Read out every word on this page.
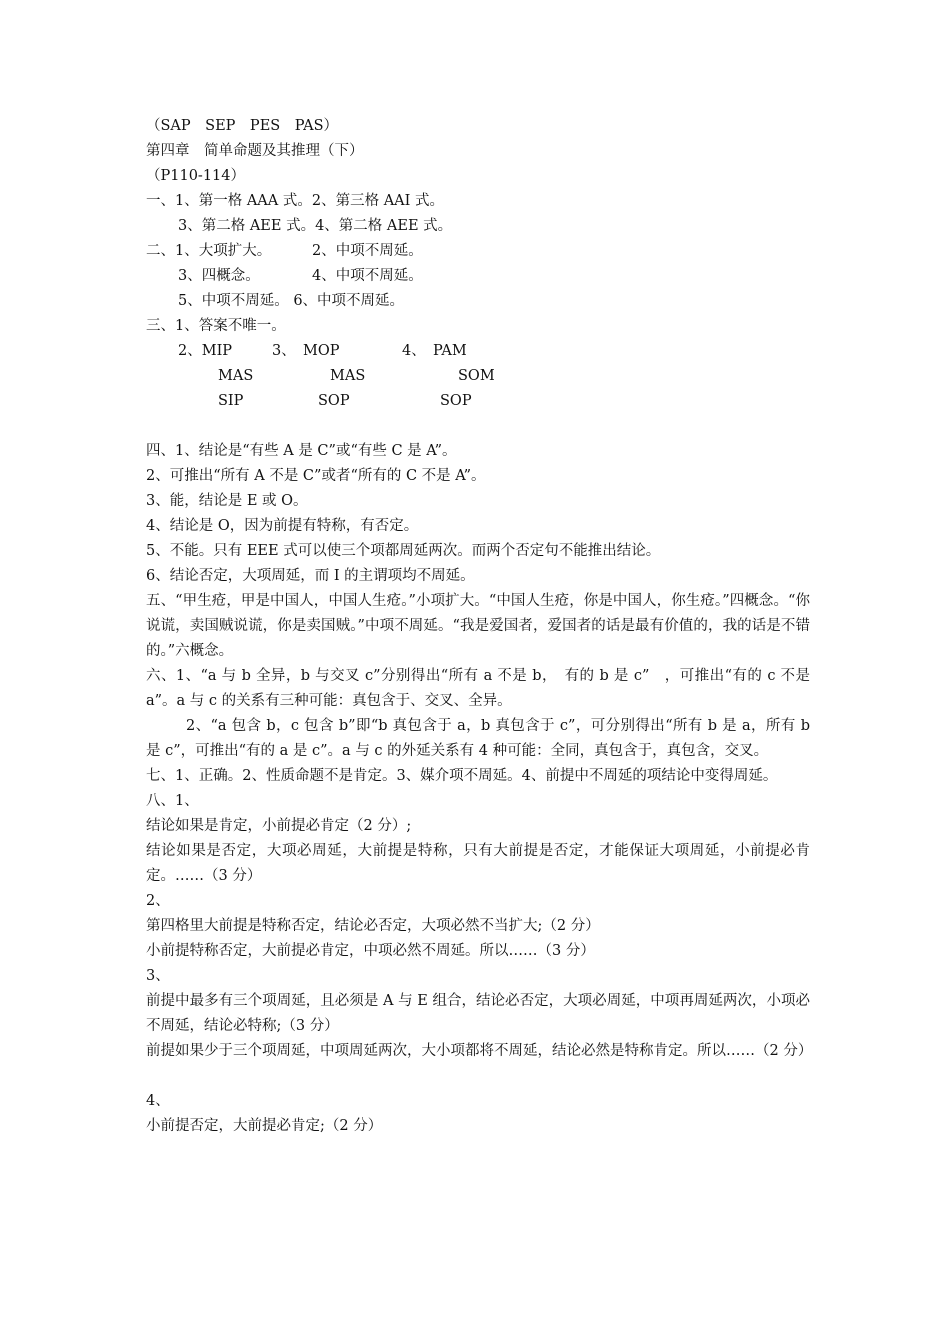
（SAP　SEP　PES　PAS）
第四章　简单命题及其推理（下）
（P110-114）
一、1、第一格 AAA 式。2、第三格 AAI 式。
3、第二格 AEE 式。4、第二格 AEE 式。
二、1、大项扩大。	2、中项不周延。
3、四概念。	4、中项不周延。
5、中项不周延。 6、中项不周延。
三、1、答案不唯一。
2、MIP	3、　MOP	4、　PAM
MAS	MAS	SOM
SIP	SOP	SOP
四、1、结论是“有些 A 是 C”或“有些 C 是 A”。
2、可推出“所有 A 不是 C”或者“所有的 C 不是 A”。
3、能，结论是 E 或 O。
4、结论是 O，因为前提有特称，有否定。
5、不能。只有 EEE 式可以使三个项都周延两次。而两个否定句不能推出结论。
6、结论否定，大项周延，而 I 的主谓项均不周延。
五、“甲生疮，甲是中国人，中国人生疮。”小项扩大。“中国人生疮，你是中国人，你生疮。”四概念。“你说谎，卖国贼说谎，你是卖国贼。”中项不周延。“我是爱国者，爱国者的话是最有价值的，我的话是不错的。”六概念。
六、1、“a 与 b 全异，b 与交叉 c”分别得出“所有 a 不是 b，　有的 b 是 c”　，可推出“有的 c 不是 a”。a 与 c 的关系有三种可能：真包含于、交叉、全异。
2、“a 包含 b，c 包含 b”即“b 真包含于 a，b 真包含于 c”，可分别得出“所有 b 是 a，所有 b 是 c”，可推出“有的 a 是 c”。a 与 c 的外延关系有 4 种可能：全同，真包含于，真包含，交叉。
七、1、正确。2、性质命题不是肯定。3、媒介项不周延。4、前提中不周延的项结论中变得周延。
八、1、
结论如果是肯定，小前提必肯定（2 分）;
结论如果是否定，大项必周延，大前提是特称，只有大前提是否定，才能保证大项周延，小前提必肯定。……（3 分）
2、
第四格里大前提是特称否定，结论必否定，大项必然不当扩大;（2 分）
小前提特称否定，大前提必肯定，中项必然不周延。所以……（3 分）
3、
前提中最多有三个项周延，且必须是 A 与 E 组合，结论必否定，大项必周延，中项再周延两次，小项必不周延，结论必特称;（3 分）
前提如果少于三个项周延，中项周延两次，大小项都将不周延，结论必然是特称肯定。所以……（2 分）
4、
小前提否定，大前提必肯定;（2 分）
